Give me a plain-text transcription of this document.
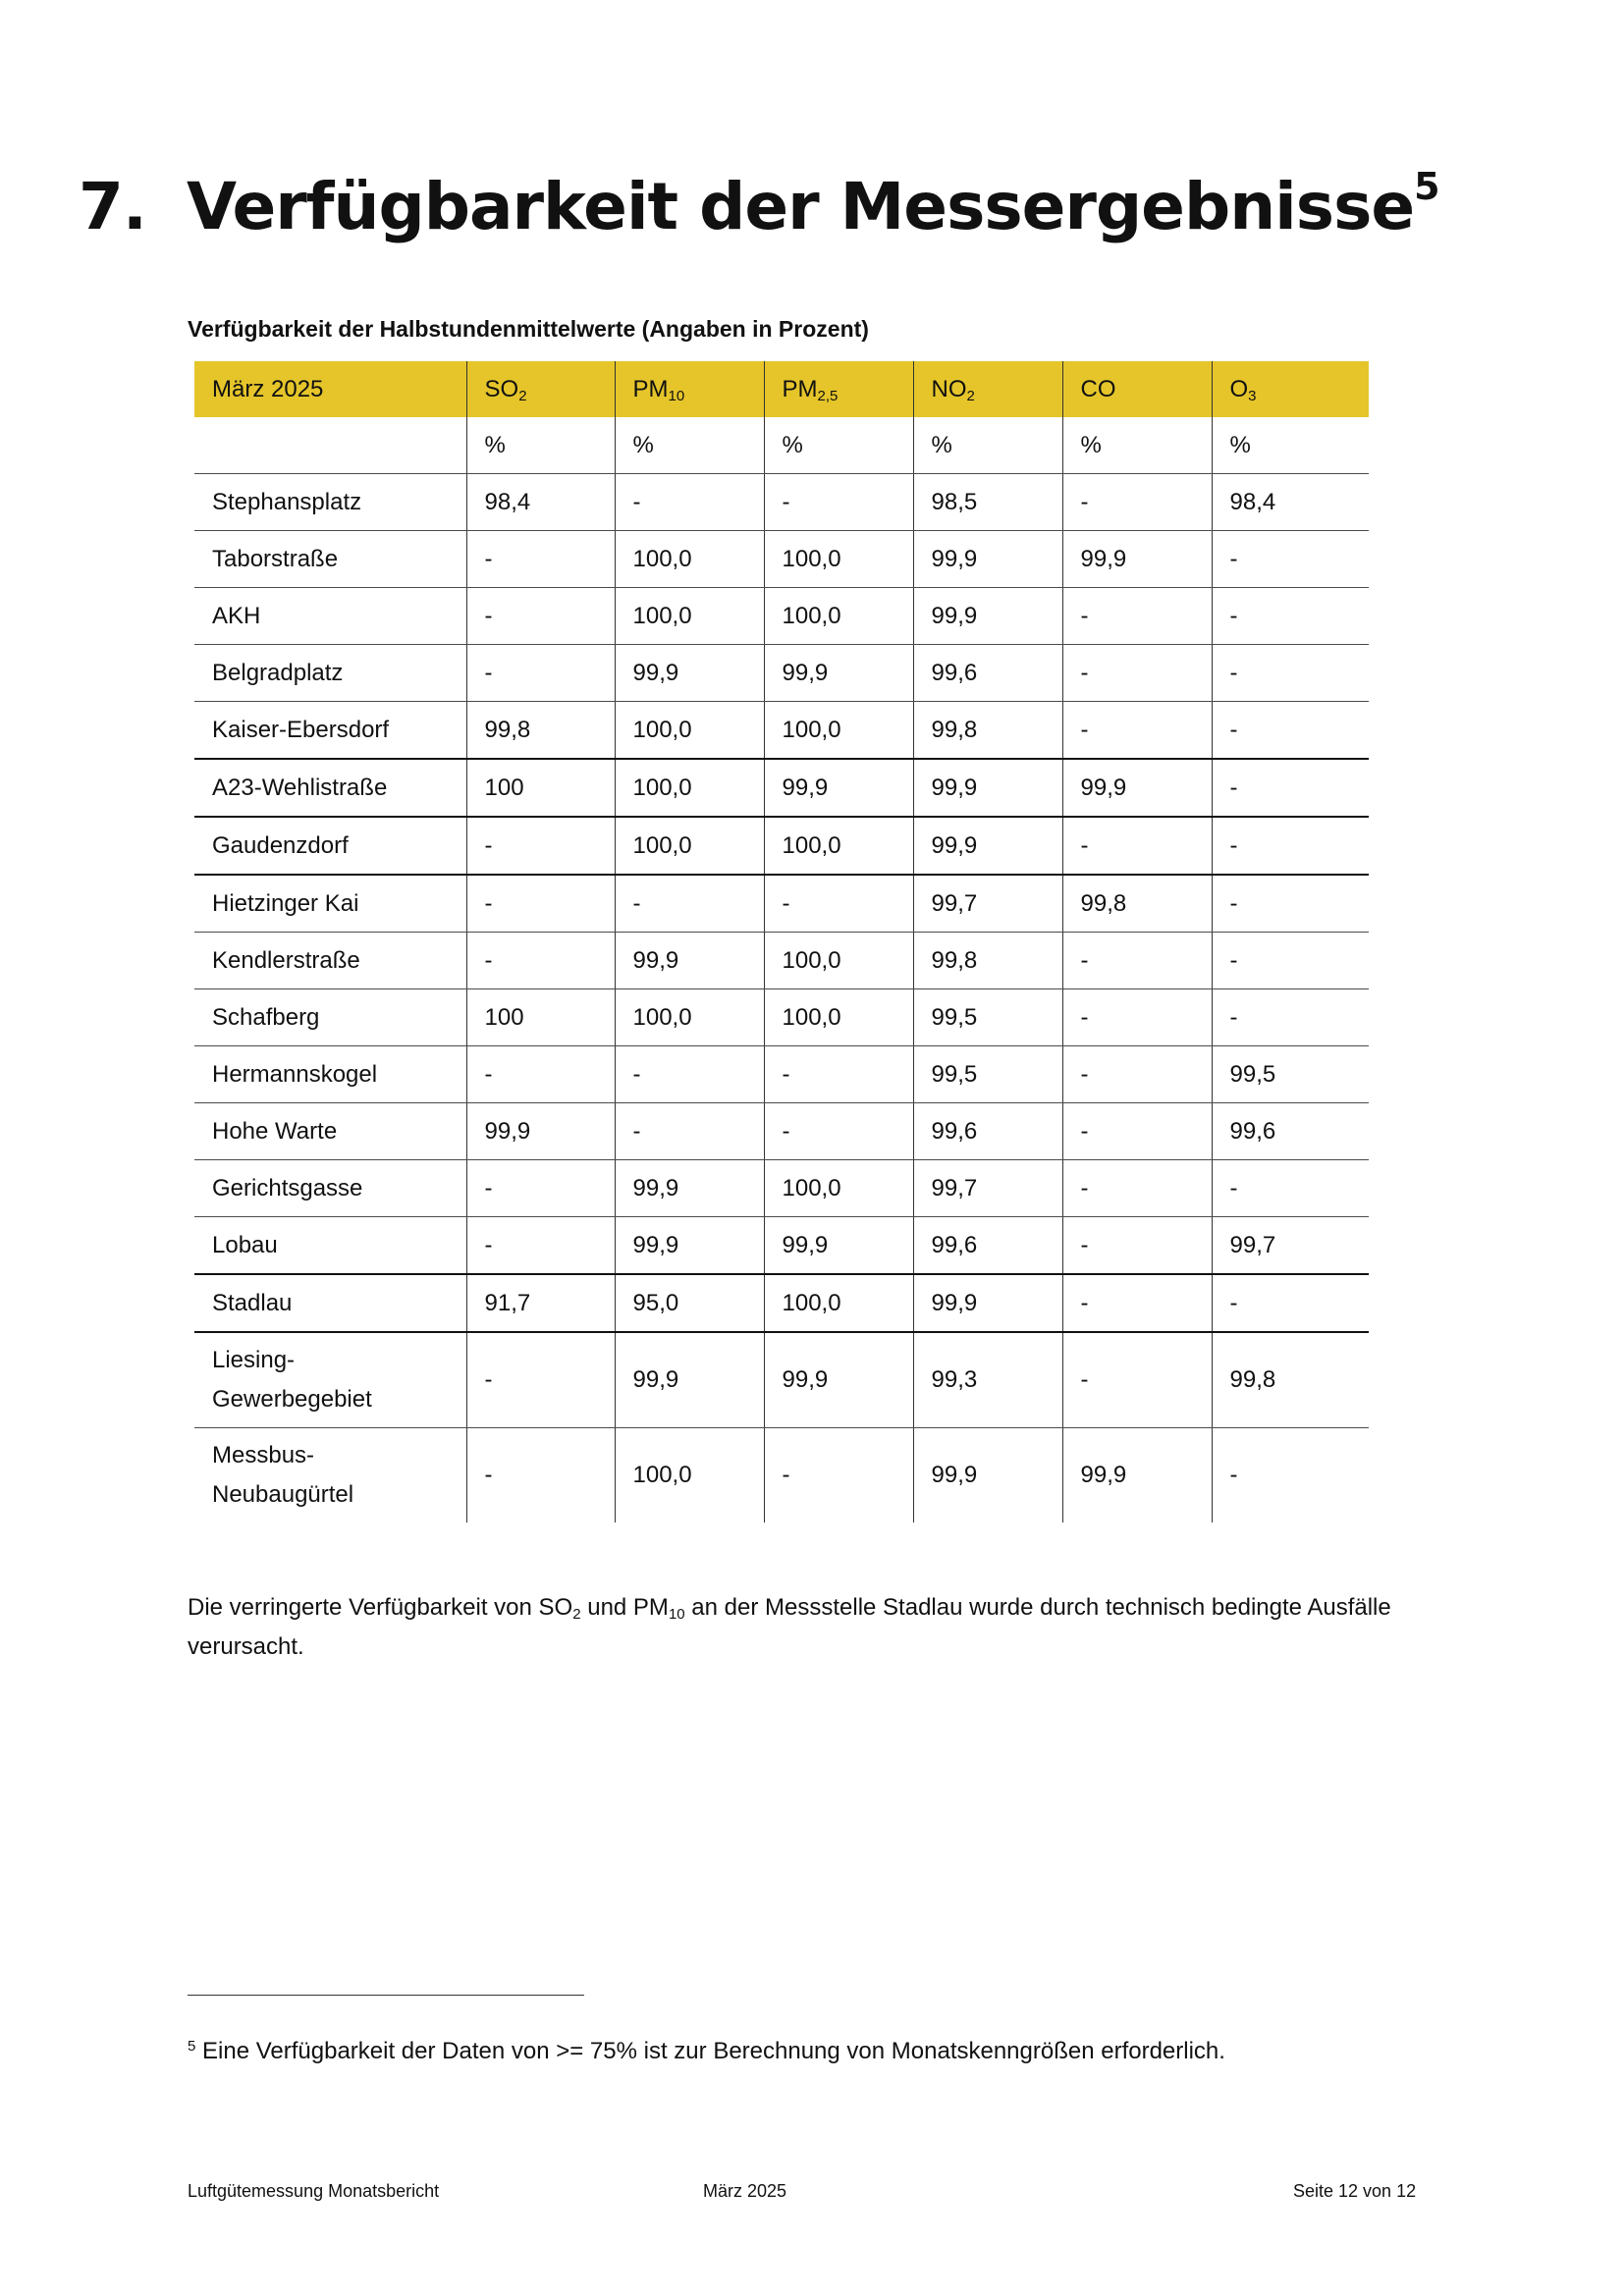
7. Verfügbarkeit der Messergebnisse$^5$

Verfügbarkeit der Halbstundenmittelwerte (Angaben in Prozent)

März 2025	$SO_2$	$PM_{10}$	$PM_{2,5}$	$NO_2$	CO	$O_3$
	%	%	%	%	%	%
Stephansplatz	98,4	-	-	98,5	-	98,4
Taborstraße	-	100,0	100,0	99,9	99,9	-
AKH	-	100,0	100,0	99,9	-	-
Belgradplatz	-	99,9	99,9	99,6	-	-
Kaiser-Ebersdorf	99,8	100,0	100,0	99,8	-	-
A23-Wehlistraße	100	100,0	99,9	99,9	99,9	-
Gaudenzdorf	-	100,0	100,0	99,9	-	-
Hietzinger Kai	-	-	-	99,7	99,8	-
Kendlerstraße	-	99,9	100,0	99,8	-	-
Schafberg	100	100,0	100,0	99,5	-	-
Hermannskogel	-	-	-	99,5	-	99,5
Hohe Warte	99,9	-	-	99,6	-	99,6
Gerichtsgasse	-	99,9	100,0	99,7	-	-
Lobau	-	99,9	99,9	99,6	-	99,7
Stadlau	91,7	95,0	100,0	99,9	-	-
Liesing-
Gewerbegebiet	-	99,9	99,9	99,3	-	99,8
Messbus-
Neubaugürtel	-	100,0	-	99,9	99,9	-

Die verringerte Verfügbarkeit von $SO_2$ und $PM_{10}$ an der Messstelle Stadlau wurde durch technisch bedingte Ausfälle verursacht.

$^5$ Eine Verfügbarkeit der Daten von >= 75% ist zur Berechnung von Monatskenngrößen erforderlich.

Luftgütemessung Monatsbericht	März 2025	Seite 12 von 12
